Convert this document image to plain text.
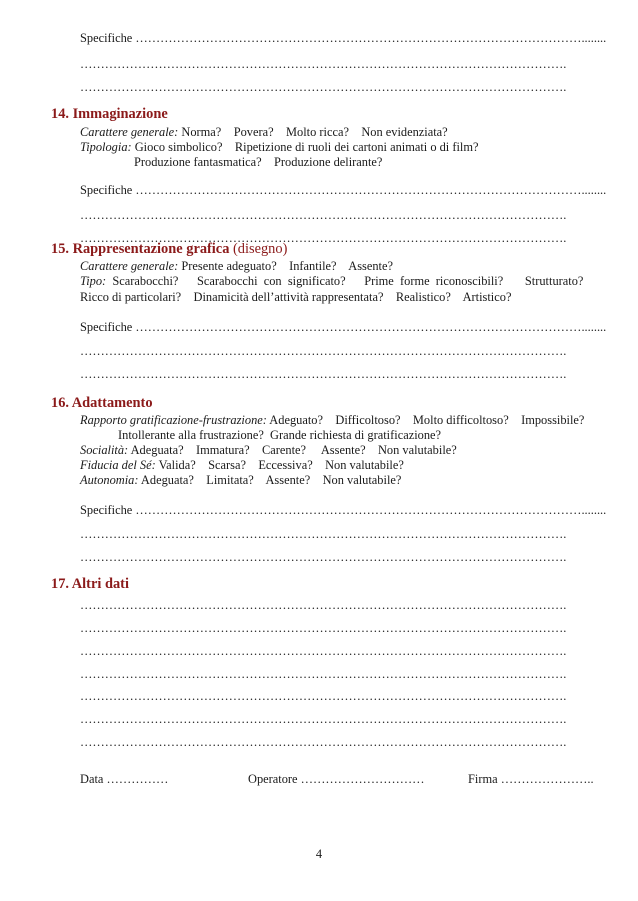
Specifiche ………………………………………………………………………………………………........
……………………………………………………………………………………………………….
……………………………………………………………………………………………………….
14. Immaginazione
Carattere generale: Norma?    Povera?    Molto ricca?    Non evidenziata?
Tipologia: Gioco simbolico?    Ripetizione di ruoli dei cartoni animati o di film?
Produzione fantasmatica?    Produzione delirante?
Specifiche ………………………………………………………………………………………………........
……………………………………………………………………………………………………….
……………………………………………………………………………………………………….
15. Rappresentazione grafica (disegno)
Carattere generale: Presente adeguato?    Infantile?    Assente?
Tipo:  Scarabocchi?      Scarabocchi  con  significato?      Prime  forme  riconoscibili?       Strutturato?
Ricco di particolari?    Dinamicità dell’attività rappresentata?    Realistico?    Artistico?
Specifiche ………………………………………………………………………………………………........
……………………………………………………………………………………………………….
……………………………………………………………………………………………………….
16. Adattamento
Rapporto gratificazione-frustrazione: Adeguato?    Difficoltoso?    Molto difficoltoso?    Impossibile?
Intollerante alla frustrazione?  Grande richiesta di gratificazione?
Socialità: Adeguata?    Immatura?    Carente?     Assente?    Non valutabile?
Fiducia del Sé: Valida?    Scarsa?    Eccessiva?    Non valutabile?
Autonomia: Adeguata?    Limitata?    Assente?    Non valutabile?
Specifiche ………………………………………………………………………………………………........
……………………………………………………………………………………………………….
……………………………………………………………………………………………………….
17. Altri dati
……………………………………………………………………………………………………….
……………………………………………………………………………………………………….
……………………………………………………………………………………………………….
……………………………………………………………………………………………………….
……………………………………………………………………………………………………….
……………………………………………………………………………………………………….
……………………………………………………………………………………………………….
Data ……………	Operatore …………………………	Firma …………………..
4
